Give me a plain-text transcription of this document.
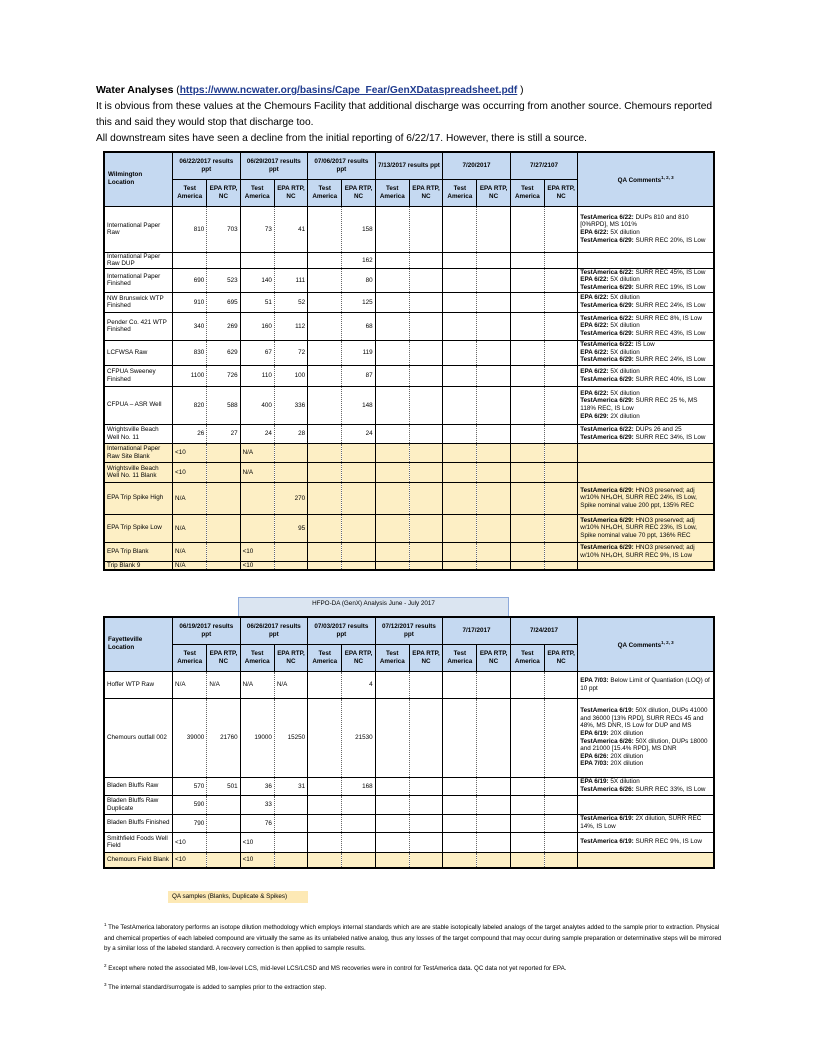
Water Analyses (https://www.ncwater.org/basins/Cape_Fear/GenXDataspreadsheet.pdf )

It is obvious from these values at the Chemours Facility that additional discharge was occurring from another source. Chemours reported this and said they would stop that discharge too.

All downstream sites have seen a decline from the initial reporting of 6/22/17. However, there is still a source.

Wilmington Location	06/22/2017 results ppt		06/29/2017 results ppt		07/06/2017 results ppt		7/13/2017 results ppt		7/20/2017		7/27/2107		QA Comments$^{1, 2, 3}$
	Test America	EPA RTP, NC	Test America	EPA RTP, NC	Test America	EPA RTP, NC	Test America	EPA RTP, NC	Test America	EPA RTP, NC	Test America	EPA RTP, NC	
International Paper Raw	810	703	73	41		158							TestAmerica 6/22: DUPs 810 and 810 [0%RPD], MS 101%
EPA 6/22: 5X dilution
TestAmerica 6/29: SURR REC 20%, IS Low
International Paper Raw DUP						162							
International Paper Finished	690	523	140	111		80							TestAmerica 6/22: SURR REC 45%, IS Low
EPA 6/22: 5X dilution
TestAmerica 6/29: SURR REC 19%, IS Low
NW Brunswick WTP Finished	910	695	51	52		125							EPA 6/22: 5X dilution
TestAmerica 6/29: SURR REC 24%, IS Low
Pender Co. 421 WTP Finished	340	269	160	112		68							TestAmerica 6/22: SURR REC 8%, IS Low
EPA 6/22: 5X dilution
TestAmerica 6/29: SURR REC 43%, IS Low
LCFWSA Raw	830	629	67	72		119							TestAmerica 6/22: IS Low
EPA 6/22: 5X dilution
TestAmerica 6/29: SURR REC 24%, IS Low
CFPUA Sweeney Finished	1100	726	110	100		87							EPA 6/22: 5X dilution
TestAmerica 6/29: SURR REC 40%, IS Low
CFPUA – ASR Well	820	588	400	336		148							EPA 6/22: 5X dilution
TestAmerica 6/29: SURR REC 25 %, MS 118% REC, IS Low
EPA 6/29: 2X dilution
Wrightsville Beach Well No. 11	26	27	24	28		24							TestAmerica 6/22: DUPs 26 and 25
TestAmerica 6/29: SURR REC 34%, IS Low
International Paper Raw Site Blank	<10		N/A										
Wrightsville Beach Well No. 11 Blank	<10		N/A										
EPA Trip Spike High	N/A			270									TestAmerica 6/29: HNO3 preserved; adj w/10% NH₄OH, SURR REC 24%, IS Low, Spike nominal value 200 ppt, 135% REC
EPA Trip Spike Low	N/A			95									TestAmerica 6/29: HNO3 preserved; adj w/10% NH₄OH, SURR REC 23%, IS Low, Spike nominal value 70 ppt, 136% REC
EPA Trip Blank	N/A		<10										TestAmerica 6/29: HNO3 preserved; adj w/10% NH₄OH, SURR REC 9%, IS Low
Trip Blank 9	N/A		<10										
HFPO-DA (GenX) Analysis June - July 2017
Fayetteville Location	06/19/2017 results ppt		06/26/2017 results ppt		07/03/2017 results ppt		07/12/2017 results ppt		7/17/2017		7/24/2017		QA Comments$^{1, 2, 3}$
	Test America	EPA RTP, NC	Test America	EPA RTP, NC	Test America	EPA RTP, NC	Test America	EPA RTP, NC	Test America	EPA RTP, NC	Test America	EPA RTP, NC	
Hoffer WTP Raw	N/A	N/A	N/A	N/A		4							EPA 7/03: Below Limit of Quantiation (LOQ) of 10 ppt
Chemours outfall 002	39000	21760	19000	15250		21530							TestAmerica 6/19: 50X dilution, DUPs 41000 and 36000 [13% RPD], SURR RECs 45 and 48%, MS DNR, IS Low for DUP and MS
EPA 6/19: 20X dilution
TestAmerica 6/26: 50X dilution, DUPs 18000 and 21000 [15.4% RPD], MS DNR
EPA 6/26: 20X dilution
EPA 7/03: 20X dilution
Bladen Bluffs Raw	570	501	36	31		168							EPA 6/19: 5X dilution
TestAmerica 6/26: SURR REC 33%, IS Low
Bladen Bluffs Raw Duplicate	590		33										
Bladen Bluffs Finished	790		76										TestAmerica 6/19: 2X dilution, SURR REC 14%, IS Low
Smithfield Foods Well Field	<10		<10										TestAmerica 6/19: SURR REC 9%, IS Low
Chemours Field Blank	<10		<10										
QA samples (Blanks, Duplicate & Spikes)

$^1$ The TestAmerica laboratory performs an isotope dilution methodology which employs internal standards which are are stable isotopically labeled analogs of the target analytes added to the sample prior to extraction. Physical and chemical properties of each labeled compound are virtually the same as its unlabeled native analog, thus any losses of the target compound that may occur during sample preparation or determinative steps will be mirrored by a similar loss of the labeled standard. A recovery correction is then applied to sample results.

$^2$ Except where noted the associated MB, low-level LCS, mid-level LCS/LCSD and MS recoveries were in control for TestAmerica data. QC data not yet reported for EPA.

$^3$ The internal standard/surrogate is added to samples prior to the extraction step.
